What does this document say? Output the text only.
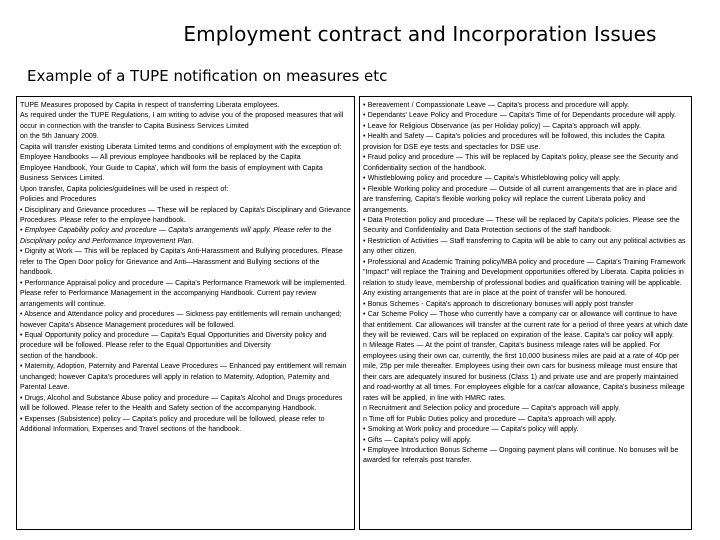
Employment contract and Incorporation Issues
Example of a TUPE notification on measures etc
TUPE Measures proposed by Capita in respect of transferring Liberata employees.
As required under the TUPE Regulations, I am writing to advise you of the proposed measures that will occur in connection with the transfer to Capita Business Services Limited
on the 5th January 2009.
Capita will transfer existing Liberata Limited terms and conditions of employment with the exception of:
Employee Handbooks — All previous employee handbooks will be replaced by the Capita
Employee Handbook, Your Guide to Capita', which will form the basis of employment with Capita Business Services Limited.
Upon transfer, Capita policies/guidelines will be used in respect of:
Policies and Procedures
• Disciplinary and Grievance procedures — These will be replaced by Capita's Disciplinary and Grievance Procedures. Please refer to the employee handbook.
• Employee Capability policy and procedure — Capita's arrangements will apply. Please refer to the Disciplinary policy and Performance Improvement Plan.
• Dignity at Work — This will be replaced by Capita's Anti-Harassment and Bullying procedures. Please refer to The Open Door policy for Grievance and Anti—Harassment and Bullying sections of the handbook.
• Performance Appraisal policy and procedure — Capita's Performance Framework will be implemented. Please refer to Performance Management in the accompanying Handbook. Current pay review arrangements will continue.
• Absence and Attendance policy and procedures — Sickness pay entitlements will remain unchanged; however Capita's Absence Management procedures will be followed.
• Equal Opportunity policy and procedure — Capita's Equal Opportunities and Diversity policy and procedure will be followed. Please refer to the Equal Opportunities and Diversity
section of the handbook.
• Maternity, Adoption, Paternity and Parental Leave Procedures — Enhanced pay entitlement will remain unchanged; however Capita's procedures will apply in relation to Maternity, Adoption, Paternity and Parental Leave.
• Drugs, Alcohol and Substance Abuse policy and procedure — Capita's Alcohol and Drugs procedures will be followed. Please refer to the Health and Safety section of the accompanying Handbook.
• Expenses (Subsistence) policy — Capita's policy and procedure will be followed, please refer to Additional Information, Expenses and Travel sections of the handbook.
• Bereavement / Compassionate Leave — Capita's process and procedure will apply.
• Dependants' Leave Policy and Procedure — Capita's Time of for Dependants procedure will apply.
• Leave for Religious Observance (as per Holiday policy) — Capita's approach will apply.
• Health and Safety — Capita's policies and procedures will be followed, this includes the Capita provision for DSE eye tests and spectacles for DSE use.
• Fraud policy and procedure — This will be replaced by Capita's policy, please see the Security and Confidentiality section of the handbook.
• Whistleblowing policy and procedure — Capita's Whistleblowing policy will apply.
• Flexible Working policy and procedure — Outside of all current arrangements that are in place and are transferring, Capita's flexible working policy will replace the current Liberata policy and arrangements.
• Data Protection policy and procedure — These will be replaced by Capita's policies. Please see the Security and Confidentiality and Data Protection sections of the staff handbook.
• Restriction of Activities — Staff transferring to Capita will be able to carry out any political activities as any other citizen.
• Professional and Academic Training policy/MBA policy and procedure — Capita's Training Framework "Impact" will replace the Training and Development opportunities offered by Liberata. Capita policies in relation to study leave, membership of professional bodies and qualification training will be applicable. Any existing arrangements that are in place at the point of transfer will be honoured.
• Bonus Schemes - Capita's approach to discretionary bonuses will apply post transfer
• Car Scheme Policy — Those who currently have a company car or allowance will continue to have that entitlement. Car allowances will transfer at the current rate for a period of three years at which date they will be reviewed. Cars will be replaced on expiration of the lease. Capita's car policy will apply.
n Mileage Rates — At the point of transfer, Capita's business mileage rates will be applied. For employees using their own car, currently, the first 10,000 business miles are paid at a rate of 40p per mile, 25p per mile thereafter. Employees using their own cars for business mileage must ensure that their cars are adequately insured for business (Class 1) and private use and are properly maintained and road-worthy at all times. For employees eligible for a car/car allowance, Capita's business mileage rates will be applied, in line with HMRC rates.
n Recruitment and Selection policy and procedure — Capita's approach will apply.
n Time off for Public Duties policy and procedure — Capita's approach will apply.
• Smoking at Work policy and procedure — Capita's policy will apply.
• Gifts — Capita's policy will apply.
• Employee Introduction Bonus Scheme — Ongoing payment plans will continue. No bonuses will be awarded for referrals post transfer.
